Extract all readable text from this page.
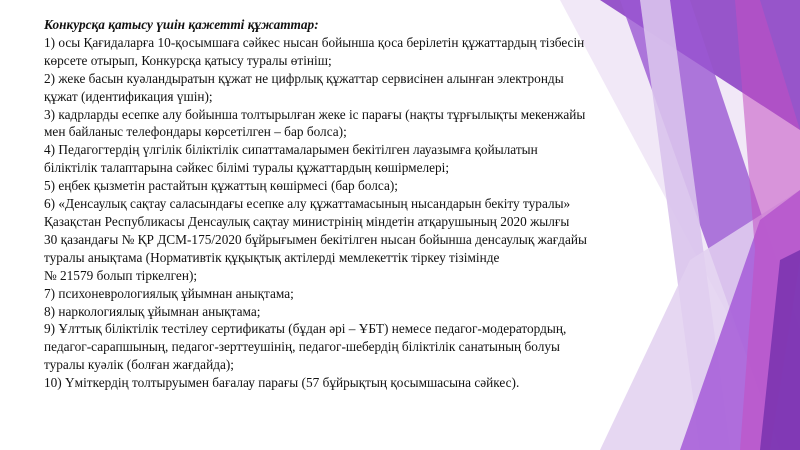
Конкурсқа қатысу үшін қажетті құжаттар:
1) осы Қағидаларға 10-қосымшаға сәйкес нысан бойынша қоса берілетін құжаттардың тізбесін
көрсете отырып, Конкурсқа қатысу туралы өтініш;
2) жеке басын куәландыратын құжат не цифрлық құжаттар сервисінен алынған электронды
құжат (идентификация үшін);
3) кадрларды есепке алу бойынша толтырылған жеке іс парағы (нақты тұрғылықты мекенжайы
мен байланыс телефондары көрсетілген – бар болса);
4) Педагогтердің үлгілік біліктілік сипаттамаларымен бекітілген лауазымға қойылатын
біліктілік талаптарына сәйкес білімі туралы құжаттардың көшірмелері;
5) еңбек қызметін растайтын құжаттың көшірмесі (бар болса);
6) «Денсаулық сақтау саласындағы есепке алу құжаттамасының нысандарын бекіту туралы»
Қазақстан Республикасы Денсаулық сақтау министрінің міндетін атқарушының 2020 жылғы
30 қазандағы № ҚР ДСМ-175/2020 бұйрығымен бекітілген нысан бойынша денсаулық жағдайы
туралы анықтама (Нормативтік құқықтық актілерді мемлекеттік тіркеу тізімінде
№ 21579 болып тіркелген);
7) психоневрологиялық ұйымнан анықтама;
8) наркологиялық ұйымнан анықтама;
9) Ұлттық біліктілік тестілеу сертификаты (бұдан әрі – ҰБТ) немесе педагог-модератордың,
педагог-сарапшының, педагог-зерттеушінің, педагог-шебердің біліктілік санатының болуы
туралы куәлік (болған жағдайда);
10) Үміткердің толтыруымен бағалау парағы (57 бұйрықтың қосымшасына сәйкес).
